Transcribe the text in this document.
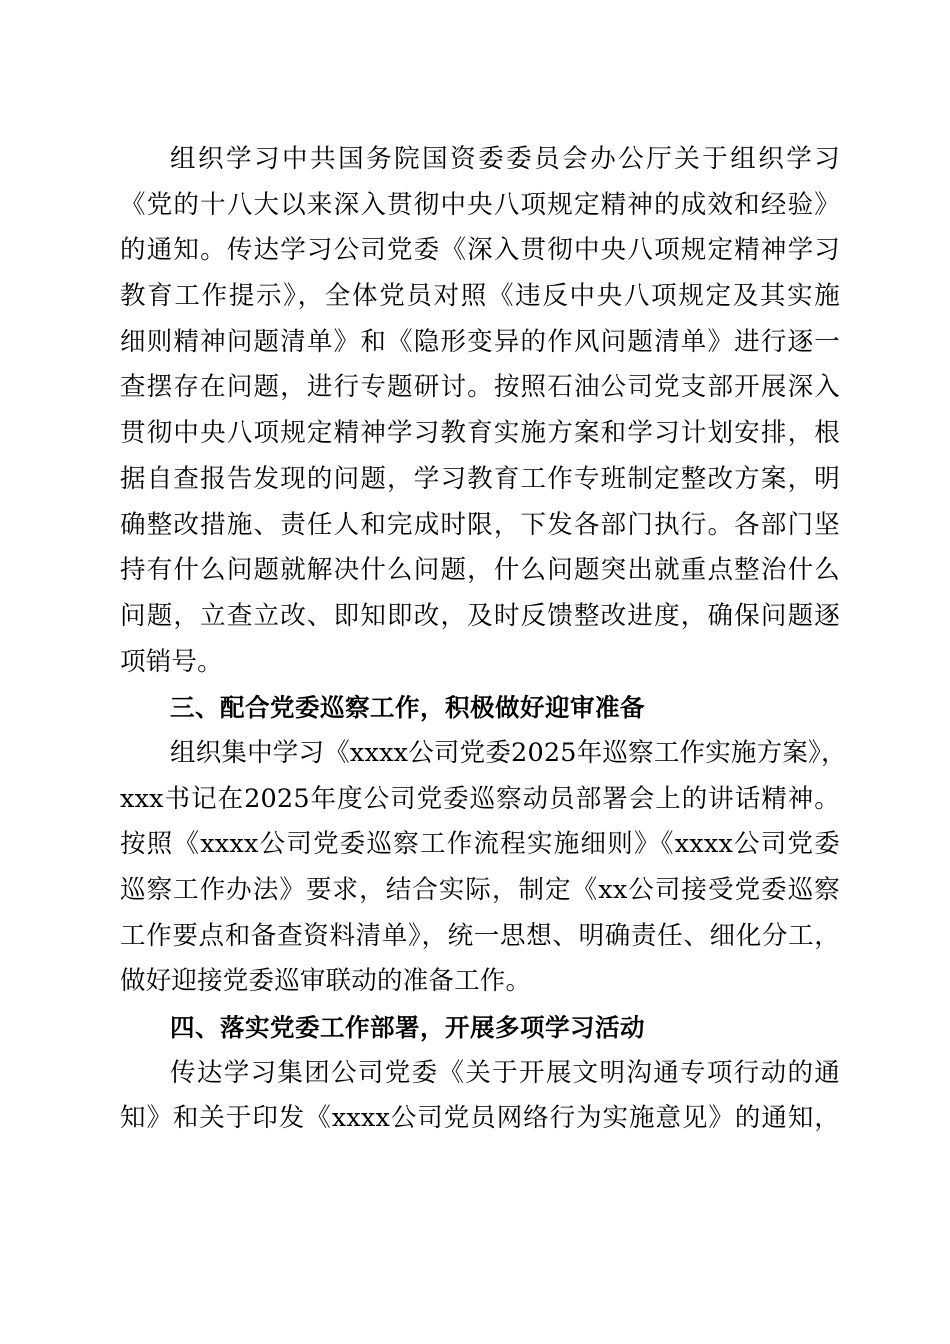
组织学习中共国务院国资委委员会办公厅关于组织学习
《党的十八大以来深入贯彻中央八项规定精神的成效和经验》
的通知。传达学习公司党委《深入贯彻中央八项规定精神学习
教育工作提示》，全体党员对照《违反中央八项规定及其实施
细则精神问题清单》和《隐形变异的作风问题清单》进行逐一
查摆存在问题，进行专题研讨。按照石油公司党支部开展深入
贯彻中央八项规定精神学习教育实施方案和学习计划安排，根
据自查报告发现的问题，学习教育工作专班制定整改方案，明
确整改措施、责任人和完成时限，下发各部门执行。各部门坚
持有什么问题就解决什么问题，什么问题突出就重点整治什么
问题，立查立改、即知即改，及时反馈整改进度，确保问题逐
项销号。
三、配合党委巡察工作，积极做好迎审准备
组织集中学习《xxxx公司党委2025年巡察工作实施方案》，
xxx书记在2025年度公司党委巡察动员部署会上的讲话精神。
按照《xxxx公司党委巡察工作流程实施细则》《xxxx公司党委
巡察工作办法》要求，结合实际，制定《xx公司接受党委巡察
工作要点和备查资料清单》，统一思想、明确责任、细化分工，
做好迎接党委巡审联动的准备工作。
四、落实党委工作部署，开展多项学习活动
传达学习集团公司党委《关于开展文明沟通专项行动的通
知》和关于印发《xxxx公司党员网络行为实施意见》的通知，
